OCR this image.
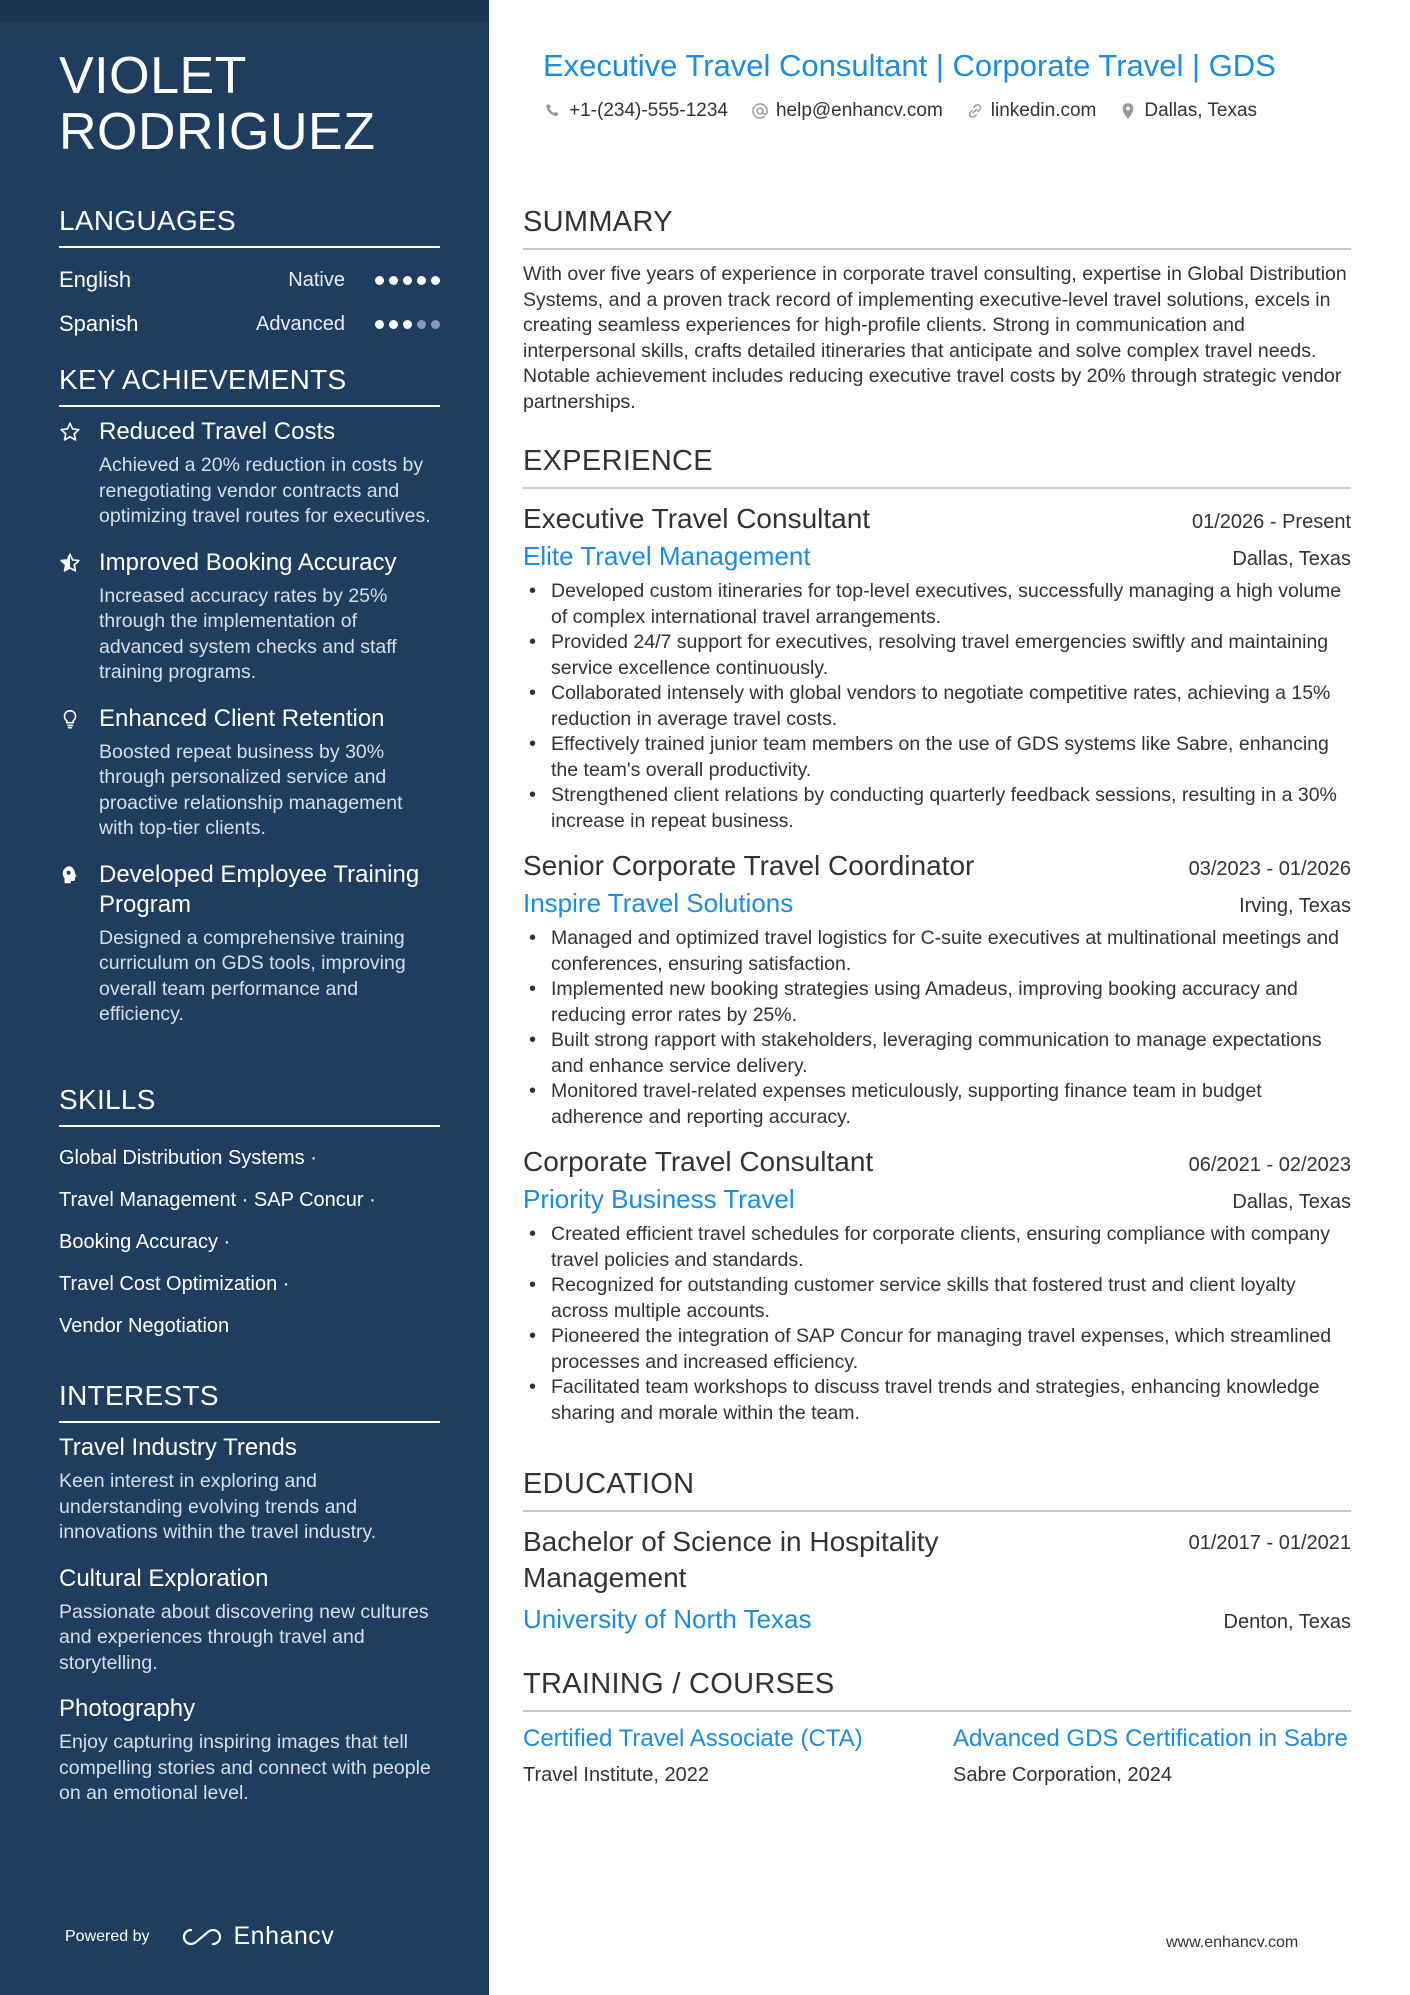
VIOLET
RODRIGUEZ
LANGUAGES
English	Native
Spanish	Advanced
KEY ACHIEVEMENTS
Reduced Travel Costs
Achieved a 20% reduction in costs by renegotiating vendor contracts and optimizing travel routes for executives.
Improved Booking Accuracy
Increased accuracy rates by 25% through the implementation of advanced system checks and staff training programs.
Enhanced Client Retention
Boosted repeat business by 30% through personalized service and proactive relationship management with top-tier clients.
Developed Employee Training Program
Designed a comprehensive training curriculum on GDS tools, improving overall team performance and efficiency.
SKILLS
Global Distribution Systems ·
Travel Management · SAP Concur ·
Booking Accuracy ·
Travel Cost Optimization ·
Vendor Negotiation
INTERESTS
Travel Industry Trends
Keen interest in exploring and understanding evolving trends and innovations within the travel industry.
Cultural Exploration
Passionate about discovering new cultures and experiences through travel and storytelling.
Photography
Enjoy capturing inspiring images that tell compelling stories and connect with people on an emotional level.
Powered by	Enhancv
Executive Travel Consultant | Corporate Travel | GDS
+1-(234)-555-1234	help@enhancv.com	linkedin.com	Dallas, Texas
SUMMARY

With over five years of experience in corporate travel consulting, expertise in Global Distribution Systems, and a proven track record of implementing executive-level travel solutions, excels in creating seamless experiences for high-profile clients. Strong in communication and interpersonal skills, crafts detailed itineraries that anticipate and solve complex travel needs. Notable achievement includes reducing executive travel costs by 20% through strategic vendor partnerships.

EXPERIENCE
Executive Travel Consultant	01/2026 - Present
Elite Travel Management	Dallas, Texas
• Developed custom itineraries for top-level executives, successfully managing a high volume of complex international travel arrangements.
• Provided 24/7 support for executives, resolving travel emergencies swiftly and maintaining service excellence continuously.
• Collaborated intensely with global vendors to negotiate competitive rates, achieving a 15% reduction in average travel costs.
• Effectively trained junior team members on the use of GDS systems like Sabre, enhancing the team's overall productivity.
• Strengthened client relations by conducting quarterly feedback sessions, resulting in a 30% increase in repeat business.
Senior Corporate Travel Coordinator	03/2023 - 01/2026
Inspire Travel Solutions	Irving, Texas
• Managed and optimized travel logistics for C-suite executives at multinational meetings and conferences, ensuring satisfaction.
• Implemented new booking strategies using Amadeus, improving booking accuracy and reducing error rates by 25%.
• Built strong rapport with stakeholders, leveraging communication to manage expectations and enhance service delivery.
• Monitored travel-related expenses meticulously, supporting finance team in budget adherence and reporting accuracy.
Corporate Travel Consultant	06/2021 - 02/2023
Priority Business Travel	Dallas, Texas
• Created efficient travel schedules for corporate clients, ensuring compliance with company travel policies and standards.
• Recognized for outstanding customer service skills that fostered trust and client loyalty across multiple accounts.
• Pioneered the integration of SAP Concur for managing travel expenses, which streamlined processes and increased efficiency.
• Facilitated team workshops to discuss travel trends and strategies, enhancing knowledge sharing and morale within the team.
EDUCATION
Bachelor of Science in Hospitality Management
01/2017 - 01/2021
University of North Texas	Denton, Texas
TRAINING / COURSES
Certified Travel Associate (CTA)
Travel Institute, 2022
Advanced GDS Certification in Sabre
Sabre Corporation, 2024
www.enhancv.com
